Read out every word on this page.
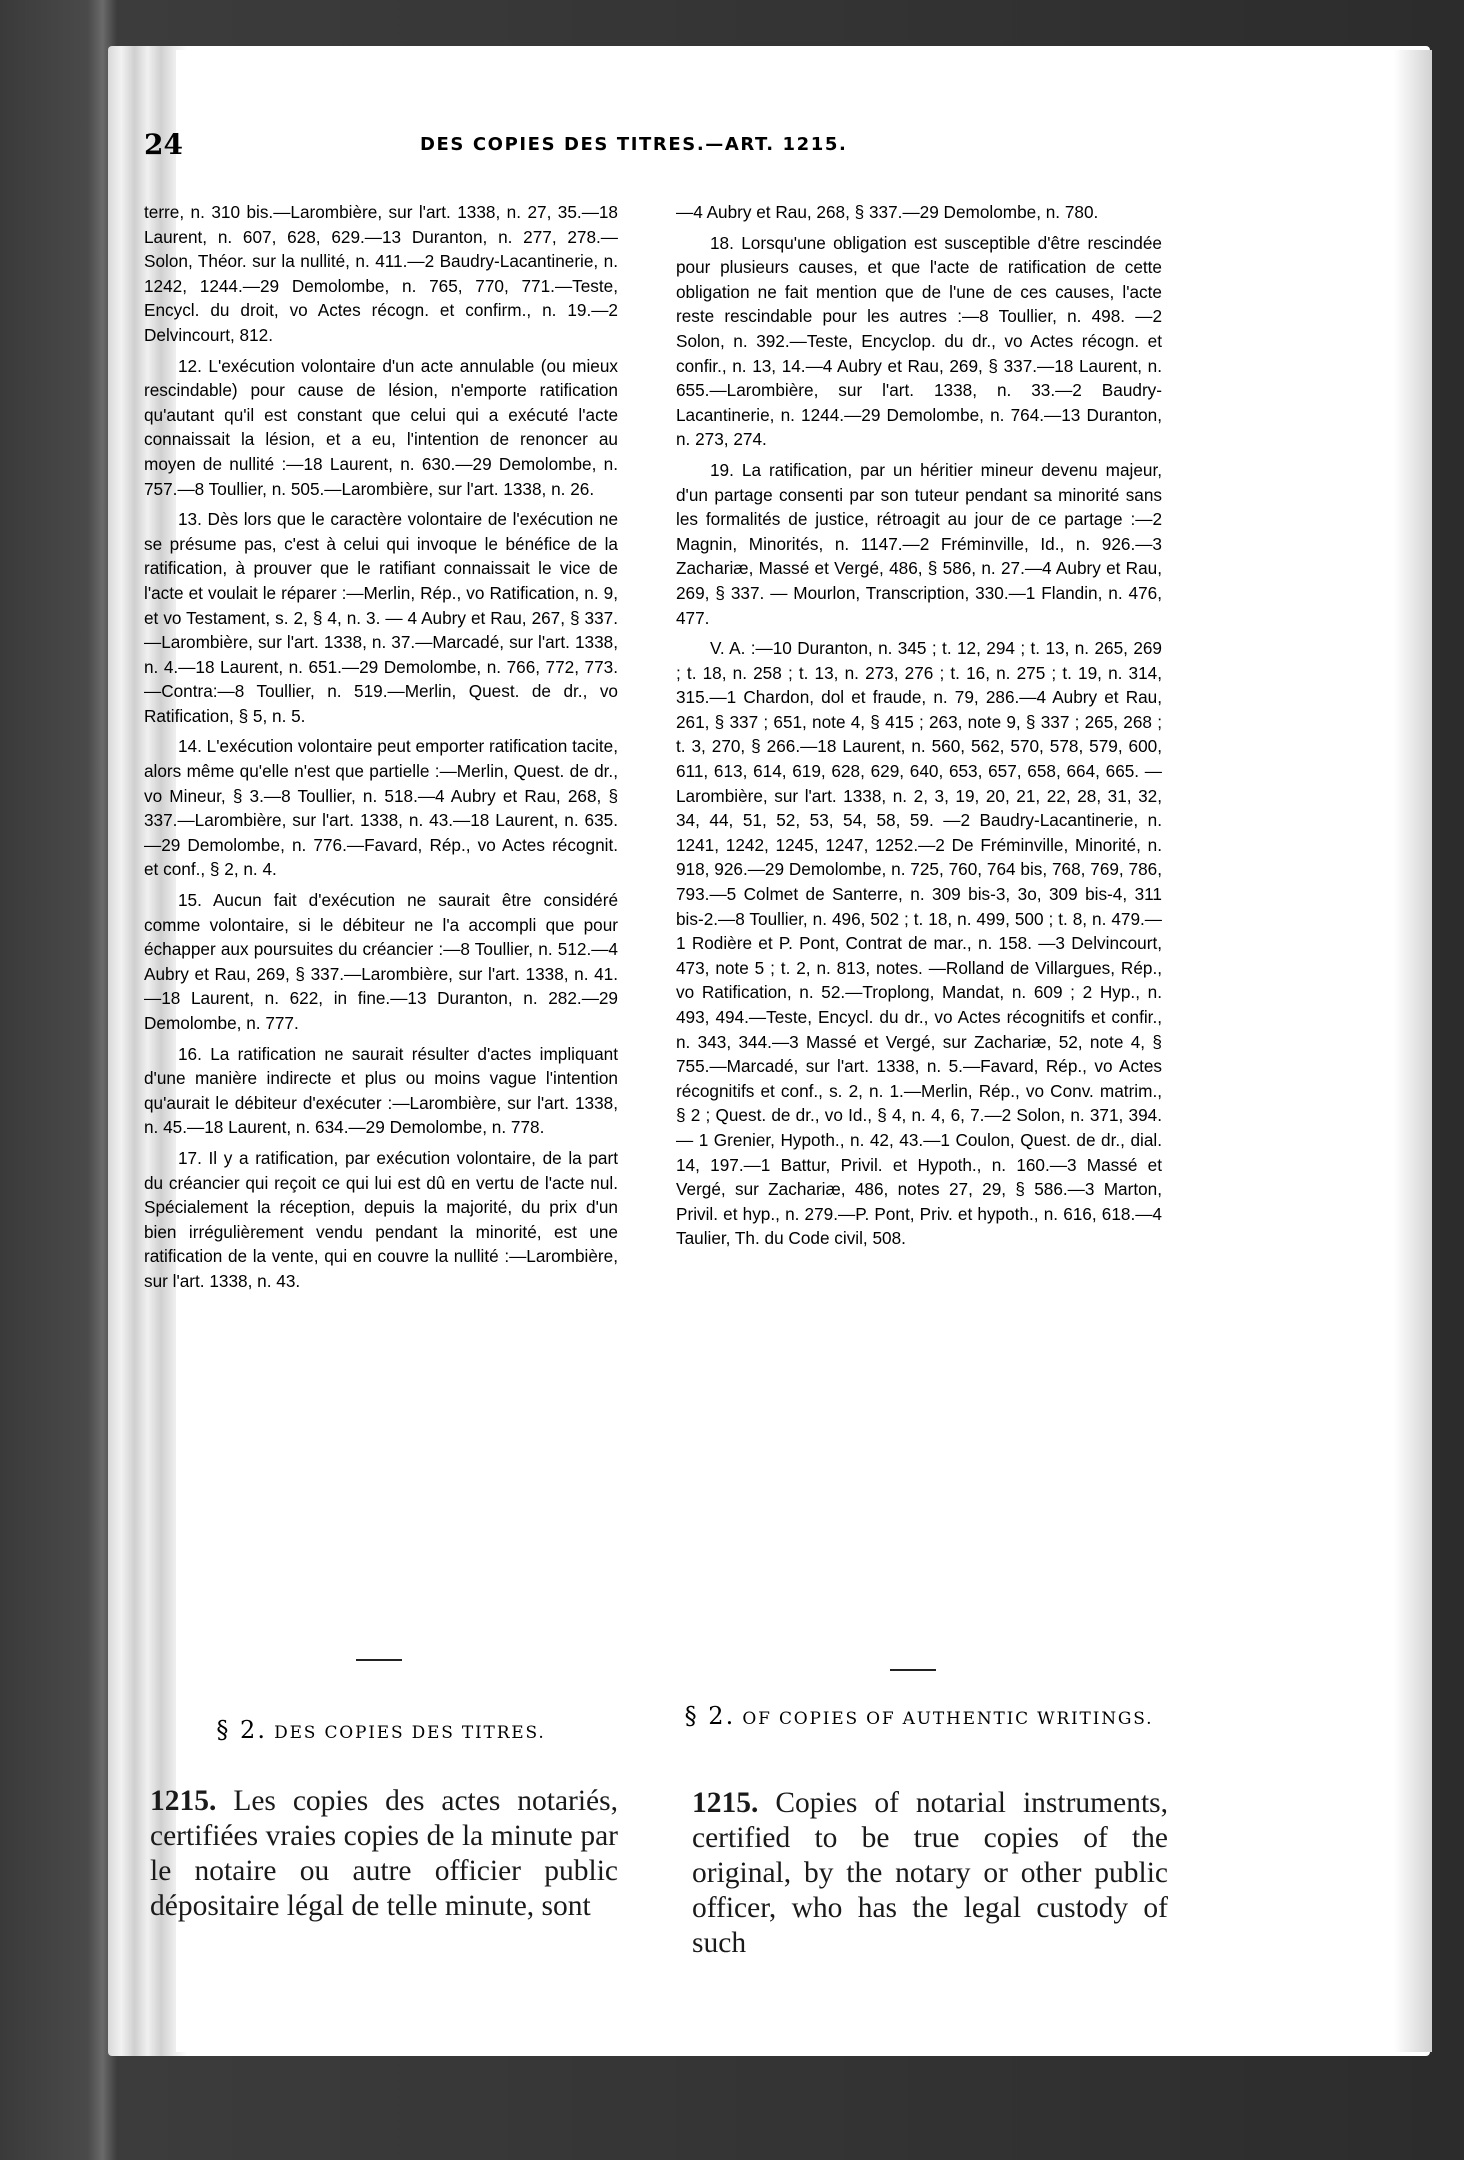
24	DES COPIES DES TITRES.—ART. 1215.

terre, n. 310 bis.—Larombière, sur l'art. 1338, n. 27, 35.—18 Laurent, n. 607, 628, 629.—13 Duranton, n. 277, 278.—Solon, Théor. sur la nullité, n. 411.—2 Baudry-Lacantinerie, n. 1242, 1244.—29 Demolombe, n. 765, 770, 771.—Teste, Encycl. du droit, vo Actes récogn. et confirm., n. 19.—2 Delvincourt, 812.

12. L'exécution volontaire d'un acte annulable (ou mieux rescindable) pour cause de lésion, n'emporte ratification qu'autant qu'il est constant que celui qui a exécuté l'acte connaissait la lésion, et a eu, l'intention de renoncer au moyen de nullité :—18 Laurent, n. 630.—29 Demolombe, n. 757.—8 Toullier, n. 505.—Larombière, sur l'art. 1338, n. 26.

13. Dès lors que le caractère volontaire de l'exécution ne se présume pas, c'est à celui qui invoque le bénéfice de la ratification, à prouver que le ratifiant connaissait le vice de l'acte et voulait le réparer :—Merlin, Rép., vo Ratification, n. 9, et vo Testament, s. 2, § 4, n. 3. — 4 Aubry et Rau, 267, § 337.—Larombière, sur l'art. 1338, n. 37.—Marcadé, sur l'art. 1338, n. 4.—18 Laurent, n. 651.—29 Demolombe, n. 766, 772, 773.—Contra:—8 Toullier, n. 519.—Merlin, Quest. de dr., vo Ratification, § 5, n. 5.

14. L'exécution volontaire peut emporter ratification tacite, alors même qu'elle n'est que partielle :—Merlin, Quest. de dr., vo Mineur, § 3.—8 Toullier, n. 518.—4 Aubry et Rau, 268, § 337.—Larombière, sur l'art. 1338, n. 43.—18 Laurent, n. 635.—29 Demolombe, n. 776.—Favard, Rép., vo Actes récognit. et conf., § 2, n. 4.

15. Aucun fait d'exécution ne saurait être considéré comme volontaire, si le débiteur ne l'a accompli que pour échapper aux poursuites du créancier :—8 Toullier, n. 512.—4 Aubry et Rau, 269, § 337.—Larombière, sur l'art. 1338, n. 41.—18 Laurent, n. 622, in fine.—13 Duranton, n. 282.—29 Demolombe, n. 777.

16. La ratification ne saurait résulter d'actes impliquant d'une manière indirecte et plus ou moins vague l'intention qu'aurait le débiteur d'exécuter :—Larombière, sur l'art. 1338, n. 45.—18 Laurent, n. 634.—29 Demolombe, n. 778.

17. Il y a ratification, par exécution volontaire, de la part du créancier qui reçoit ce qui lui est dû en vertu de l'acte nul. Spécialement la réception, depuis la majorité, du prix d'un bien irrégulièrement vendu pendant la minorité, est une ratification de la vente, qui en couvre la nullité :—Larombière, sur l'art. 1338, n. 43.

—4 Aubry et Rau, 268, § 337.—29 Demolombe, n. 780.

18. Lorsqu'une obligation est susceptible d'être rescindée pour plusieurs causes, et que l'acte de ratification de cette obligation ne fait mention que de l'une de ces causes, l'acte reste rescindable pour les autres :—8 Toullier, n. 498. —2 Solon, n. 392.—Teste, Encyclop. du dr., vo Actes récogn. et confir., n. 13, 14.—4 Aubry et Rau, 269, § 337.—18 Laurent, n. 655.—Larombière, sur l'art. 1338, n. 33.—2 Baudry-Lacantinerie, n. 1244.—29 Demolombe, n. 764.—13 Duranton, n. 273, 274.

19. La ratification, par un héritier mineur devenu majeur, d'un partage consenti par son tuteur pendant sa minorité sans les formalités de justice, rétroagit au jour de ce partage :—2 Magnin, Minorités, n. 1147.—2 Fréminville, Id., n. 926.—3 Zachariæ, Massé et Vergé, 486, § 586, n. 27.—4 Aubry et Rau, 269, § 337. — Mourlon, Transcription, 330.—1 Flandin, n. 476, 477.

V. A. :—10 Duranton, n. 345 ; t. 12, 294 ; t. 13, n. 265, 269 ; t. 18, n. 258 ; t. 13, n. 273, 276 ; t. 16, n. 275 ; t. 19, n. 314, 315.—1 Chardon, dol et fraude, n. 79, 286.—4 Aubry et Rau, 261, § 337 ; 651, note 4, § 415 ; 263, note 9, § 337 ; 265, 268 ; t. 3, 270, § 266.—18 Laurent, n. 560, 562, 570, 578, 579, 600, 611, 613, 614, 619, 628, 629, 640, 653, 657, 658, 664, 665. —Larombière, sur l'art. 1338, n. 2, 3, 19, 20, 21, 22, 28, 31, 32, 34, 44, 51, 52, 53, 54, 58, 59. —2 Baudry-Lacantinerie, n. 1241, 1242, 1245, 1247, 1252.—2 De Fréminville, Minorité, n. 918, 926.—29 Demolombe, n. 725, 760, 764 bis, 768, 769, 786, 793.—5 Colmet de Santerre, n. 309 bis-3, 3o, 309 bis-4, 311 bis-2.—8 Toullier, n. 496, 502 ; t. 18, n. 499, 500 ; t. 8, n. 479.—1 Rodière et P. Pont, Contrat de mar., n. 158. —3 Delvincourt, 473, note 5 ; t. 2, n. 813, notes. —Rolland de Villargues, Rép., vo Ratification, n. 52.—Troplong, Mandat, n. 609 ; 2 Hyp., n. 493, 494.—Teste, Encycl. du dr., vo Actes récognitifs et confir., n. 343, 344.—3 Massé et Vergé, sur Zachariæ, 52, note 4, § 755.—Marcadé, sur l'art. 1338, n. 5.—Favard, Rép., vo Actes récognitifs et conf., s. 2, n. 1.—Merlin, Rép., vo Conv. matrim., § 2 ; Quest. de dr., vo Id., § 4, n. 4, 6, 7.—2 Solon, n. 371, 394. — 1 Grenier, Hypoth., n. 42, 43.—1 Coulon, Quest. de dr., dial. 14, 197.—1 Battur, Privil. et Hypoth., n. 160.—3 Massé et Vergé, sur Zachariæ, 486, notes 27, 29, § 586.—3 Marton, Privil. et hyp., n. 279.—P. Pont, Priv. et hypoth., n. 616, 618.—4 Taulier, Th. du Code civil, 508.

§ 2. DES COPIES DES TITRES.
§ 2. OF COPIES OF AUTHENTIC WRITINGS.
1215. Les copies des actes notariés, certifiées vraies copies de la minute par le notaire ou autre officier public dépositaire légal de telle minute, sont
1215. Copies of notarial instruments, certified to be true copies of the original, by the notary or other public officer, who has the legal custody of such
